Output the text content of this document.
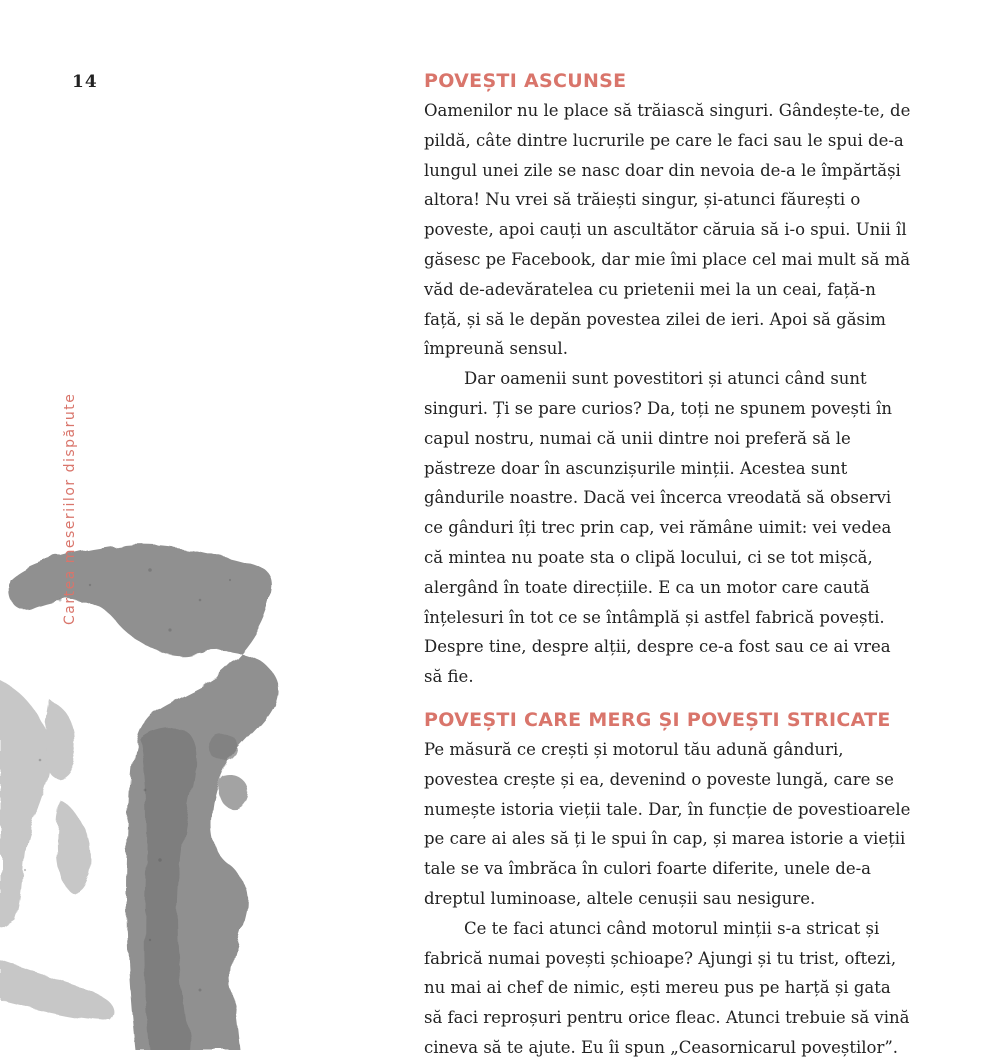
14
Cartea meseriilor dispărute
POVEȘTI ASCUNSE

Oamenilor nu le place să trăiască singuri. Gândește-te, de pildă, câte dintre lucrurile pe care le faci sau le spui de-a lungul unei zile se nasc doar din nevoia de-a le împărtăși altora! Nu vrei să trăiești singur, și-atunci făurești o poveste, apoi cauți un ascultător căruia să i-o spui. Unii îl găsesc pe Facebook, dar mie îmi place cel mai mult să mă văd de-adevăratelea cu prietenii mei la un ceai, față-n față, și să le depăn povestea zilei de ieri. Apoi să găsim împreună sensul.

Dar oamenii sunt povestitori și atunci când sunt singuri. Ți se pare curios? Da, toți ne spunem povești în capul nostru, numai că unii dintre noi preferă să le păstreze doar în ascunzișurile minții. Acestea sunt gândurile noastre. Dacă vei încerca vreodată să observi ce gânduri îți trec prin cap, vei rămâne uimit: vei vedea că mintea nu poate sta o clipă locului, ci se tot mișcă, alergând în toate direcțiile. E ca un motor care caută înțelesuri în tot ce se întâmplă și astfel fabrică povești. Despre tine, despre alții, despre ce-a fost sau ce ai vrea să fie.

POVEȘTI CARE MERG ȘI POVEȘTI STRICATE

Pe măsură ce crești și motorul tău adună gânduri, povestea crește și ea, devenind o poveste lungă, care se numește istoria vieții tale. Dar, în funcție de povestioarele pe care ai ales să ți le spui în cap, și marea istorie a vieții tale se va îmbrăca în culori foarte diferite, unele de-a dreptul luminoase, altele cenușii sau nesigure.

Ce te faci atunci când motorul minții s-a stricat și fabrică numai povești șchioape? Ajungi și tu trist, oftezi, nu mai ai chef de nimic, ești mereu pus pe harță și gata să faci reproșuri pentru orice fleac. Atunci trebuie să vină cineva să te ajute. Eu îi spun „Ceasornicarul poveștilor”.
